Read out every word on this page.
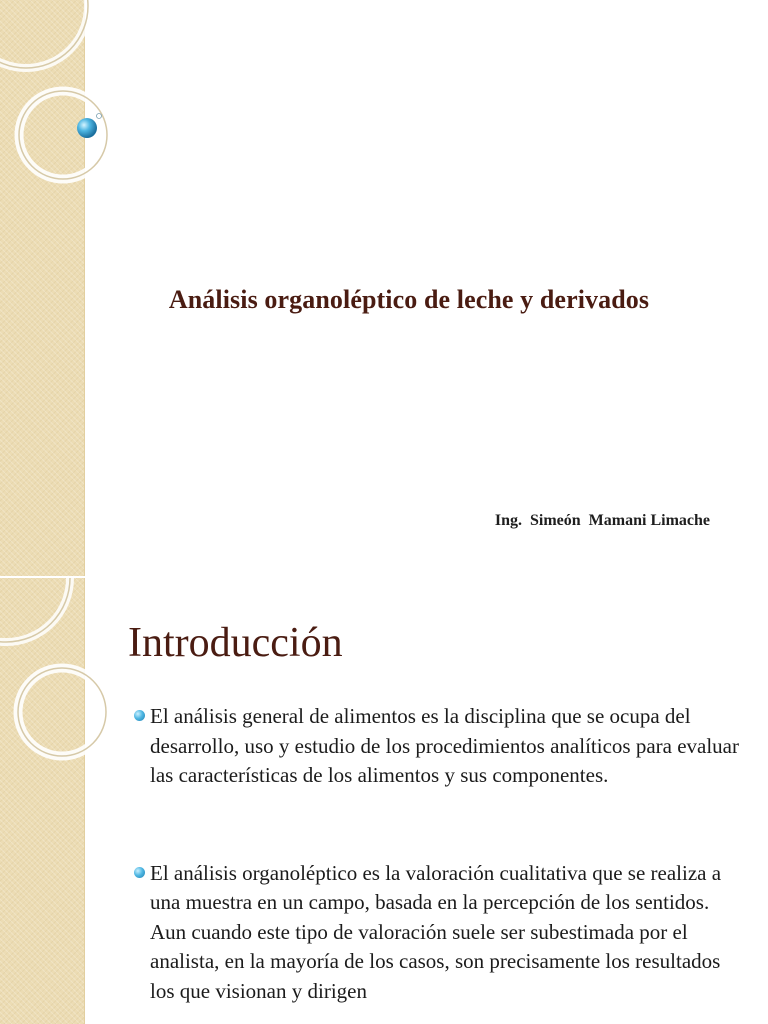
Análisis organoléptico de leche y derivados
Ing.  Simeón  Mamani Limache
Introducción
El análisis general de alimentos es la disciplina que se ocupa del desarrollo, uso y estudio de los procedimientos analíticos para evaluar las características de los alimentos y sus componentes.
El análisis organoléptico es la valoración cualitativa que se realiza a una muestra en un campo, basada en la percepción de los sentidos. Aun cuando este tipo de valoración suele ser subestimada por el analista, en la mayoría de los casos, son precisamente los resultados los que visionan y dirigen
